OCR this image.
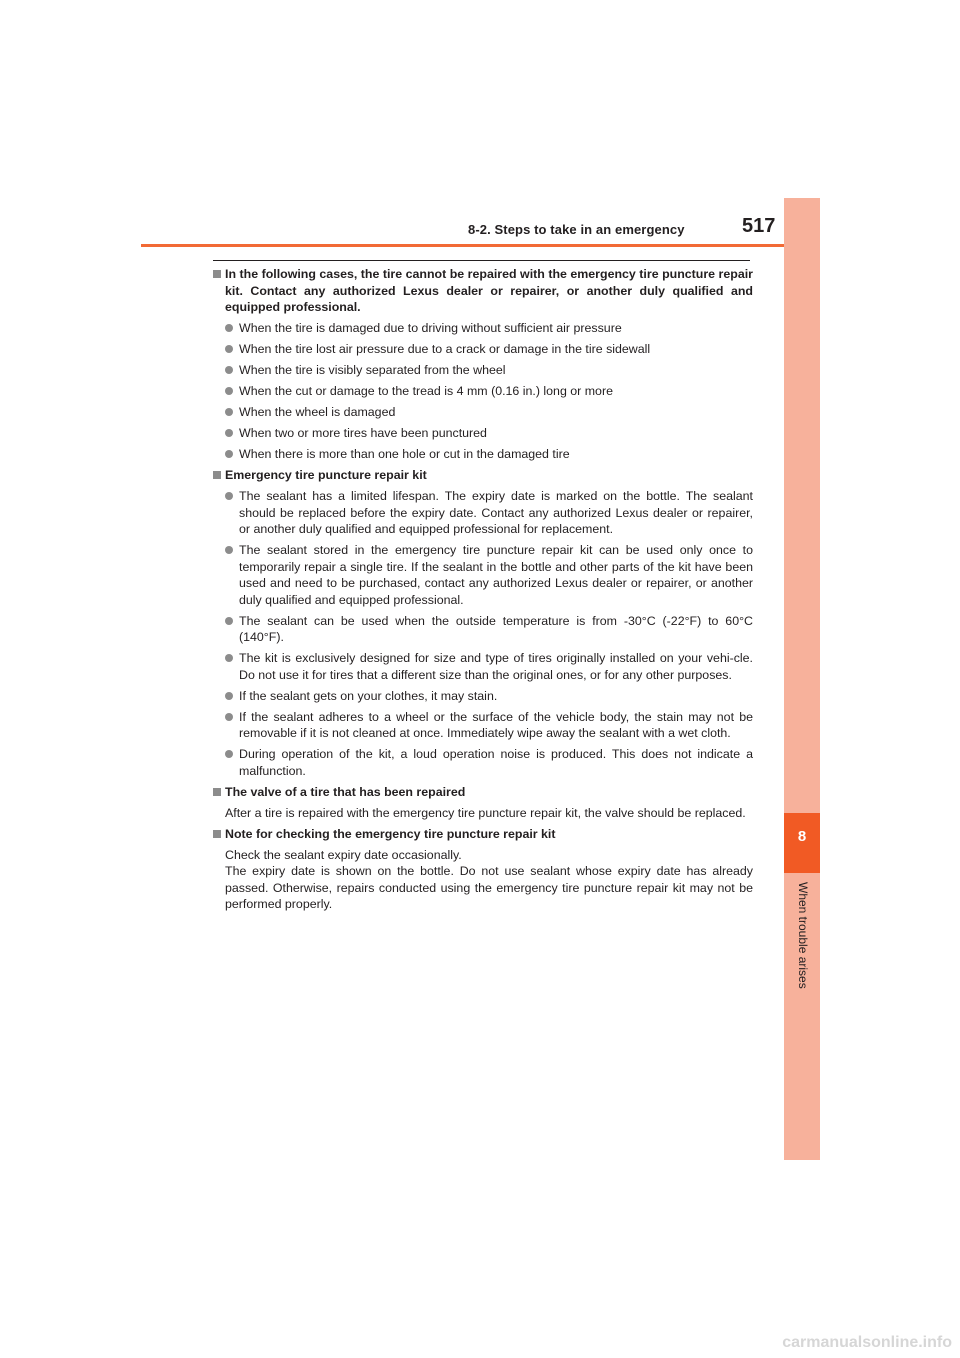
8-2. Steps to take in an emergency	517
8
When trouble arises
In the following cases, the tire cannot be repaired with the emergency tire puncture repair kit. Contact any authorized Lexus dealer or repairer, or another duly qualified and equipped professional.
When the tire is damaged due to driving without sufficient air pressure
When the tire lost air pressure due to a crack or damage in the tire sidewall
When the tire is visibly separated from the wheel
When the cut or damage to the tread is 4 mm (0.16 in.) long or more
When the wheel is damaged
When two or more tires have been punctured
When there is more than one hole or cut in the damaged tire
Emergency tire puncture repair kit
The sealant has a limited lifespan. The expiry date is marked on the bottle. The sealant should be replaced before the expiry date. Contact any authorized Lexus dealer or repairer, or another duly qualified and equipped professional for replacement.
The sealant stored in the emergency tire puncture repair kit can be used only once to temporarily repair a single tire. If the sealant in the bottle and other parts of the kit have been used and need to be purchased, contact any authorized Lexus dealer or repairer, or another duly qualified and equipped professional.
The sealant can be used when the outside temperature is from -30°C (-22°F) to 60°C (140°F).
The kit is exclusively designed for size and type of tires originally installed on your vehi-cle. Do not use it for tires that a different size than the original ones, or for any other purposes.
If the sealant gets on your clothes, it may stain.
If the sealant adheres to a wheel or the surface of the vehicle body, the stain may not be removable if it is not cleaned at once. Immediately wipe away the sealant with a wet cloth.
During operation of the kit, a loud operation noise is produced. This does not indicate a malfunction.
The valve of a tire that has been repaired
After a tire is repaired with the emergency tire puncture repair kit, the valve should be replaced.
Note for checking the emergency tire puncture repair kit
Check the sealant expiry date occasionally.
The expiry date is shown on the bottle. Do not use sealant whose expiry date has already passed. Otherwise, repairs conducted using the emergency tire puncture repair kit may not be performed properly.
carmanualsonline.info
